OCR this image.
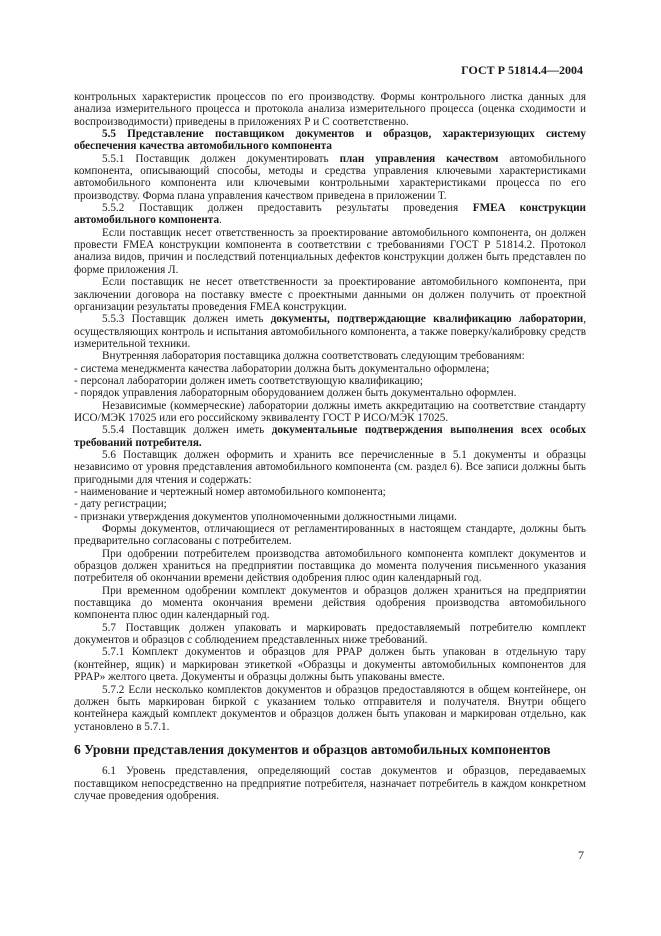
ГОСТ Р 51814.4—2004

контрольных характеристик процессов по его производству. Формы контрольного листка данных для анализа измерительного процесса и протокола анализа измерительного процесса (оценка сходимости и воспроизводимости) приведены в приложениях Р и С соответственно.

5.5 Представление поставщиком документов и образцов, характеризующих систему обеспечения качества автомобильного компонента

5.5.1 Поставщик должен документировать план управления качеством автомобильного компонента, описывающий способы, методы и средства управления ключевыми характеристиками автомобильного компонента или ключевыми контрольными характеристиками процесса по его производству. Форма плана управления качеством приведена в приложении Т.

5.5.2 Поставщик должен предоставить результаты проведения FMEA конструкции автомобильного компонента.

Если поставщик несет ответственность за проектирование автомобильного компонента, он должен провести FMEA конструкции компонента в соответствии с требованиями ГОСТ Р 51814.2. Протокол анализа видов, причин и последствий потенциальных дефектов конструкции должен быть представлен по форме приложения Л.

Если поставщик не несет ответственности за проектирование автомобильного компонента, при заключении договора на поставку вместе с проектными данными он должен получить от проектной организации результаты проведения FMEA конструкции.

5.5.3 Поставщик должен иметь документы, подтверждающие квалификацию лаборатории, осуществляющих контроль и испытания автомобильного компонента, а также поверку/калибровку средств измерительной техники.

Внутренняя лаборатория поставщика должна соответствовать следующим требованиям:

- система менеджмента качества лаборатории должна быть документально оформлена;

- персонал лаборатории должен иметь соответствующую квалификацию;

- порядок управления лабораторным оборудованием должен быть документально оформлен.

Независимые (коммерческие) лаборатории должны иметь аккредитацию на соответствие стандарту ИСО/МЭК 17025 или его российскому эквиваленту ГОСТ Р ИСО/МЭК 17025.

5.5.4 Поставщик должен иметь документальные подтверждения выполнения всех особых требований потребителя.

5.6 Поставщик должен оформить и хранить все перечисленные в 5.1 документы и образцы независимо от уровня представления автомобильного компонента (см. раздел 6). Все записи должны быть пригодными для чтения и содержать:

- наименование и чертежный номер автомобильного компонента;

- дату регистрации;

- признаки утверждения документов уполномоченными должностными лицами.

Формы документов, отличающиеся от регламентированных в настоящем стандарте, должны быть предварительно согласованы с потребителем.

При одобрении потребителем производства автомобильного компонента комплект документов и образцов должен храниться на предприятии поставщика до момента получения письменного указания потребителя об окончании времени действия одобрения плюс один календарный год.

При временном одобрении комплект документов и образцов должен храниться на предприятии поставщика до момента окончания времени действия одобрения производства автомобильного компонента плюс один календарный год.

5.7 Поставщик должен упаковать и маркировать предоставляемый потребителю комплект документов и образцов с соблюдением представленных ниже требований.

5.7.1 Комплект документов и образцов для PPAP должен быть упакован в отдельную тару (контейнер, ящик) и маркирован этикеткой «Образцы и документы автомобильных компонентов для PPAP» желтого цвета. Документы и образцы должны быть упакованы вместе.

5.7.2 Если несколько комплектов документов и образцов предоставляются в общем контейнере, он должен быть маркирован биркой с указанием только отправителя и получателя. Внутри общего контейнера каждый комплект документов и образцов должен быть упакован и маркирован отдельно, как установлено в 5.7.1.

6 Уровни представления документов и образцов автомобильных компонентов

6.1 Уровень представления, определяющий состав документов и образцов, передаваемых поставщиком непосредственно на предприятие потребителя, назначает потребитель в каждом конкретном случае проведения одобрения.

7
